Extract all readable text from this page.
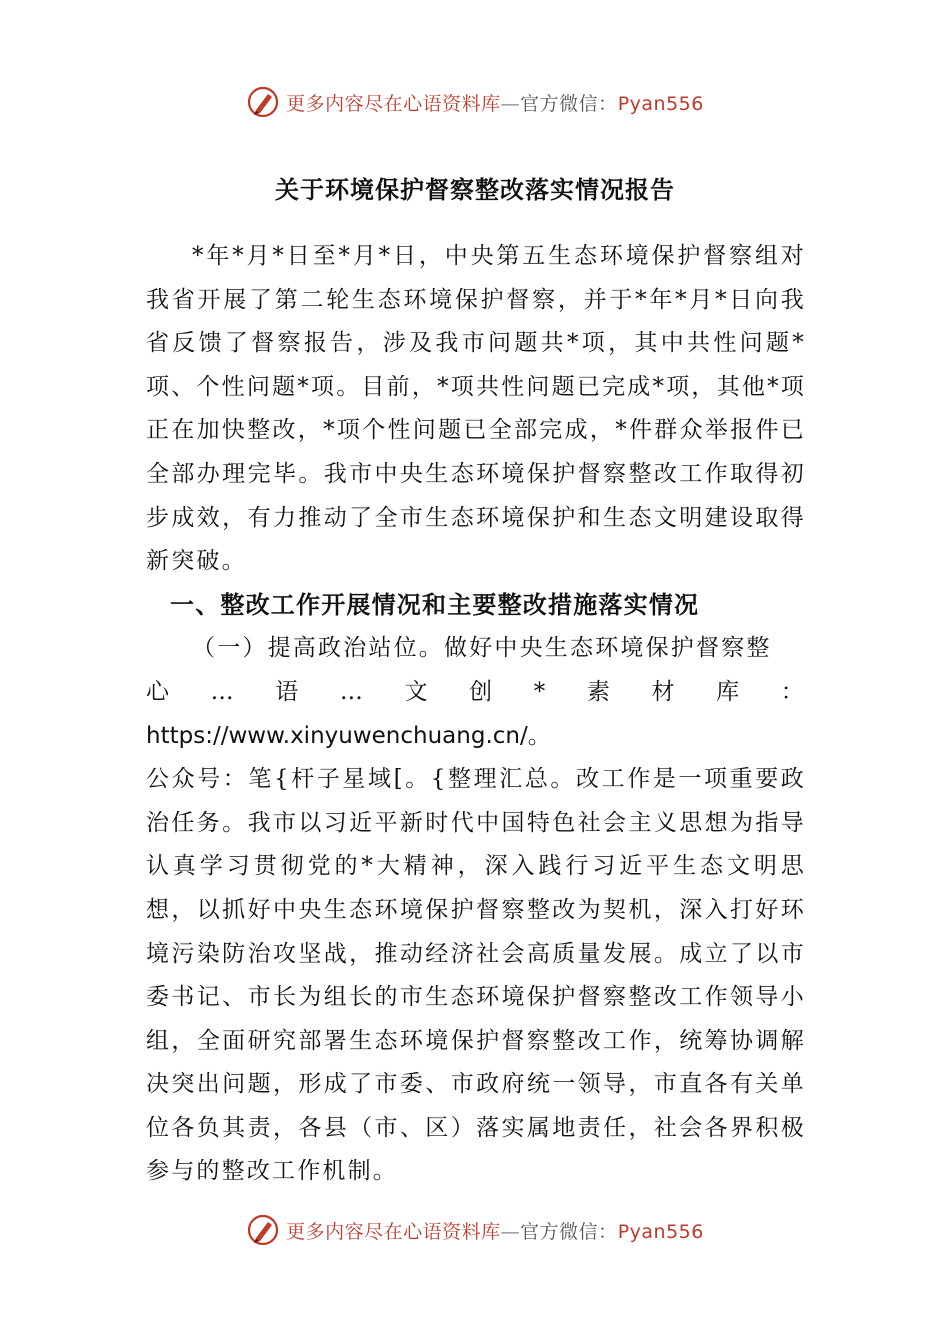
更多内容尽在心语资料库—官方微信：Pyan556
关于环境保护督察整改落实情况报告

*年*月*日至*月*日，中央第五生态环境保护督察组对我省开展了第二轮生态环境保护督察，并于*年*月*日向我省反馈了督察报告，涉及我市问题共*项，其中共性问题*项、个性问题*项。目前，*项共性问题已完成*项，其他*项正在加快整改，*项个性问题已全部完成，*件群众举报件已全部办理完毕。我市中央生态环境保护督察整改工作取得初步成效，有力推动了全市生态环境保护和生态文明建设取得新突破。

一、整改工作开展情况和主要整改措施落实情况

（一）提高政治站位。做好中央生态环境保护督察整

心…语…文创*素材库：https://www.xinyuwenchuang.cn/。

公众号：笔{杆子星域[。{整理汇总。改工作是一项重要政治任务。我市以习近平新时代中国特色社会主义思想为指导认真学习贯彻党的*大精神，深入践行习近平生态文明思想，以抓好中央生态环境保护督察整改为契机，深入打好环境污染防治攻坚战，推动经济社会高质量发展。成立了以市委书记、市长为组长的市生态环境保护督察整改工作领导小组，全面研究部署生态环境保护督察整改工作，统筹协调解决突出问题，形成了市委、市政府统一领导，市直各有关单位各负其责，各县（市、区）落实属地责任，社会各界积极参与的整改工作机制。

更多内容尽在心语资料库—官方微信：Pyan556
